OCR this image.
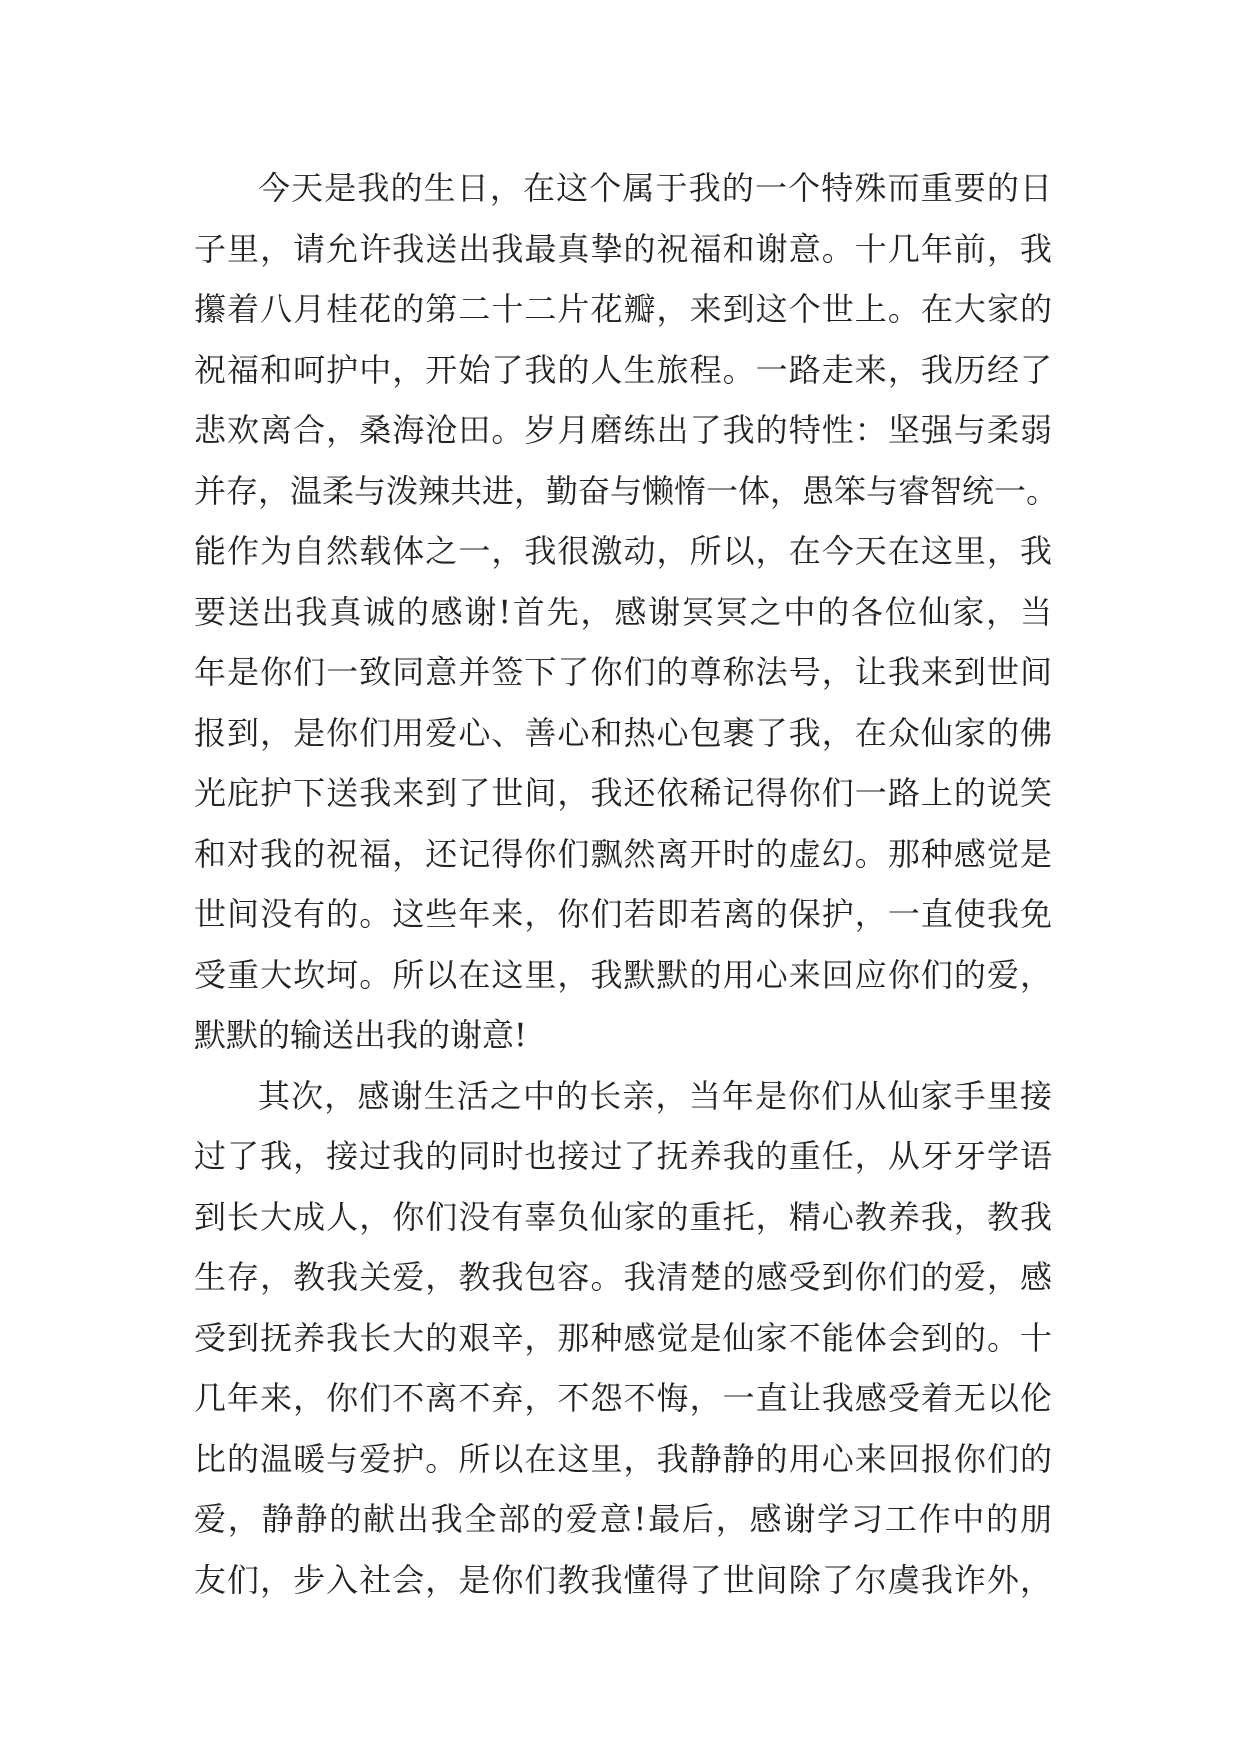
今天是我的生日，在这个属于我的一个特殊而重要的日
子里，请允许我送出我最真挚的祝福和谢意。十几年前，我
攥着八月桂花的第二十二片花瓣，来到这个世上。在大家的
祝福和呵护中，开始了我的人生旅程。一路走来，我历经了
悲欢离合，桑海沧田。岁月磨练出了我的特性：坚强与柔弱
并存，温柔与泼辣共进，勤奋与懒惰一体，愚笨与睿智统一。
能作为自然载体之一，我很激动，所以，在今天在这里，我
要送出我真诚的感谢!首先，感谢冥冥之中的各位仙家，当
年是你们一致同意并签下了你们的尊称法号，让我来到世间
报到，是你们用爱心、善心和热心包裹了我，在众仙家的佛
光庇护下送我来到了世间，我还依稀记得你们一路上的说笑
和对我的祝福，还记得你们飘然离开时的虚幻。那种感觉是
世间没有的。这些年来，你们若即若离的保护，一直使我免
受重大坎坷。所以在这里，我默默的用心来回应你们的爱，
默默的输送出我的谢意!
其次，感谢生活之中的长亲，当年是你们从仙家手里接
过了我，接过我的同时也接过了抚养我的重任，从牙牙学语
到长大成人，你们没有辜负仙家的重托，精心教养我，教我
生存，教我关爱，教我包容。我清楚的感受到你们的爱，感
受到抚养我长大的艰辛，那种感觉是仙家不能体会到的。十
几年来，你们不离不弃，不怨不悔，一直让我感受着无以伦
比的温暖与爱护。所以在这里，我静静的用心来回报你们的
爱，静静的献出我全部的爱意!最后，感谢学习工作中的朋
友们，步入社会，是你们教我懂得了世间除了尔虞我诈外，
